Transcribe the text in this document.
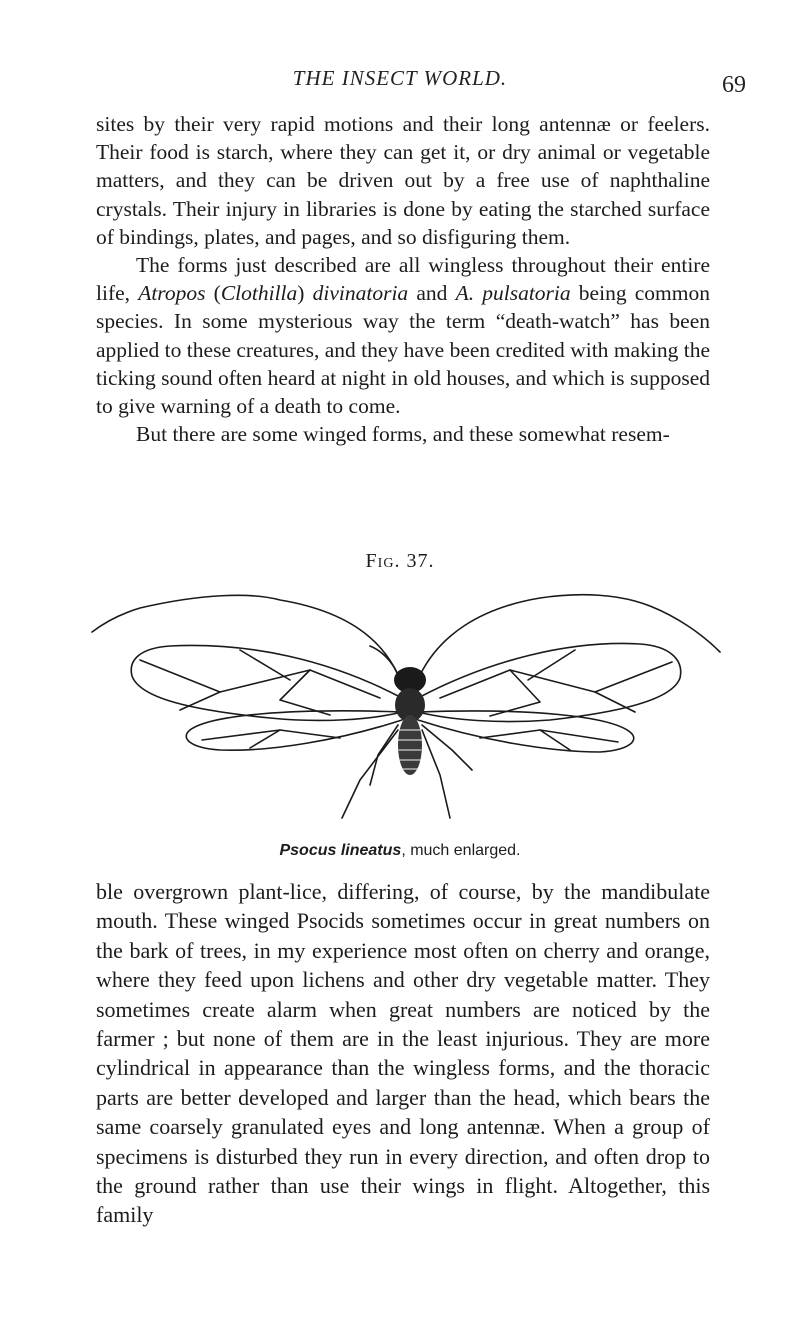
THE INSECT WORLD.	69

sites by their very rapid motions and their long antennæ or feelers. Their food is starch, where they can get it, or dry animal or vegetable matters, and they can be driven out by a free use of naphthaline crystals. Their injury in libraries is done by eating the starched surface of bindings, plates, and pages, and so disfiguring them.

The forms just described are all wingless throughout their entire life, Atropos (Clothilla) divinatoria and A. pulsatoria being common species. In some mysterious way the term “death-watch” has been applied to these creatures, and they have been credited with making the ticking sound often heard at night in old houses, and which is supposed to give warning of a death to come.

But there are some winged forms, and these somewhat resem-

Fig. 37.
Psocus lineatus, much enlarged.

ble overgrown plant-lice, differing, of course, by the mandibulate mouth. These winged Psocids sometimes occur in great numbers on the bark of trees, in my experience most often on cherry and orange, where they feed upon lichens and other dry vegetable matter. They sometimes create alarm when great numbers are noticed by the farmer ; but none of them are in the least injurious. They are more cylindrical in appearance than the wingless forms, and the thoracic parts are better developed and larger than the head, which bears the same coarsely granulated eyes and long antennæ. When a group of specimens is disturbed they run in every direction, and often drop to the ground rather than use their wings in flight. Altogether, this family
